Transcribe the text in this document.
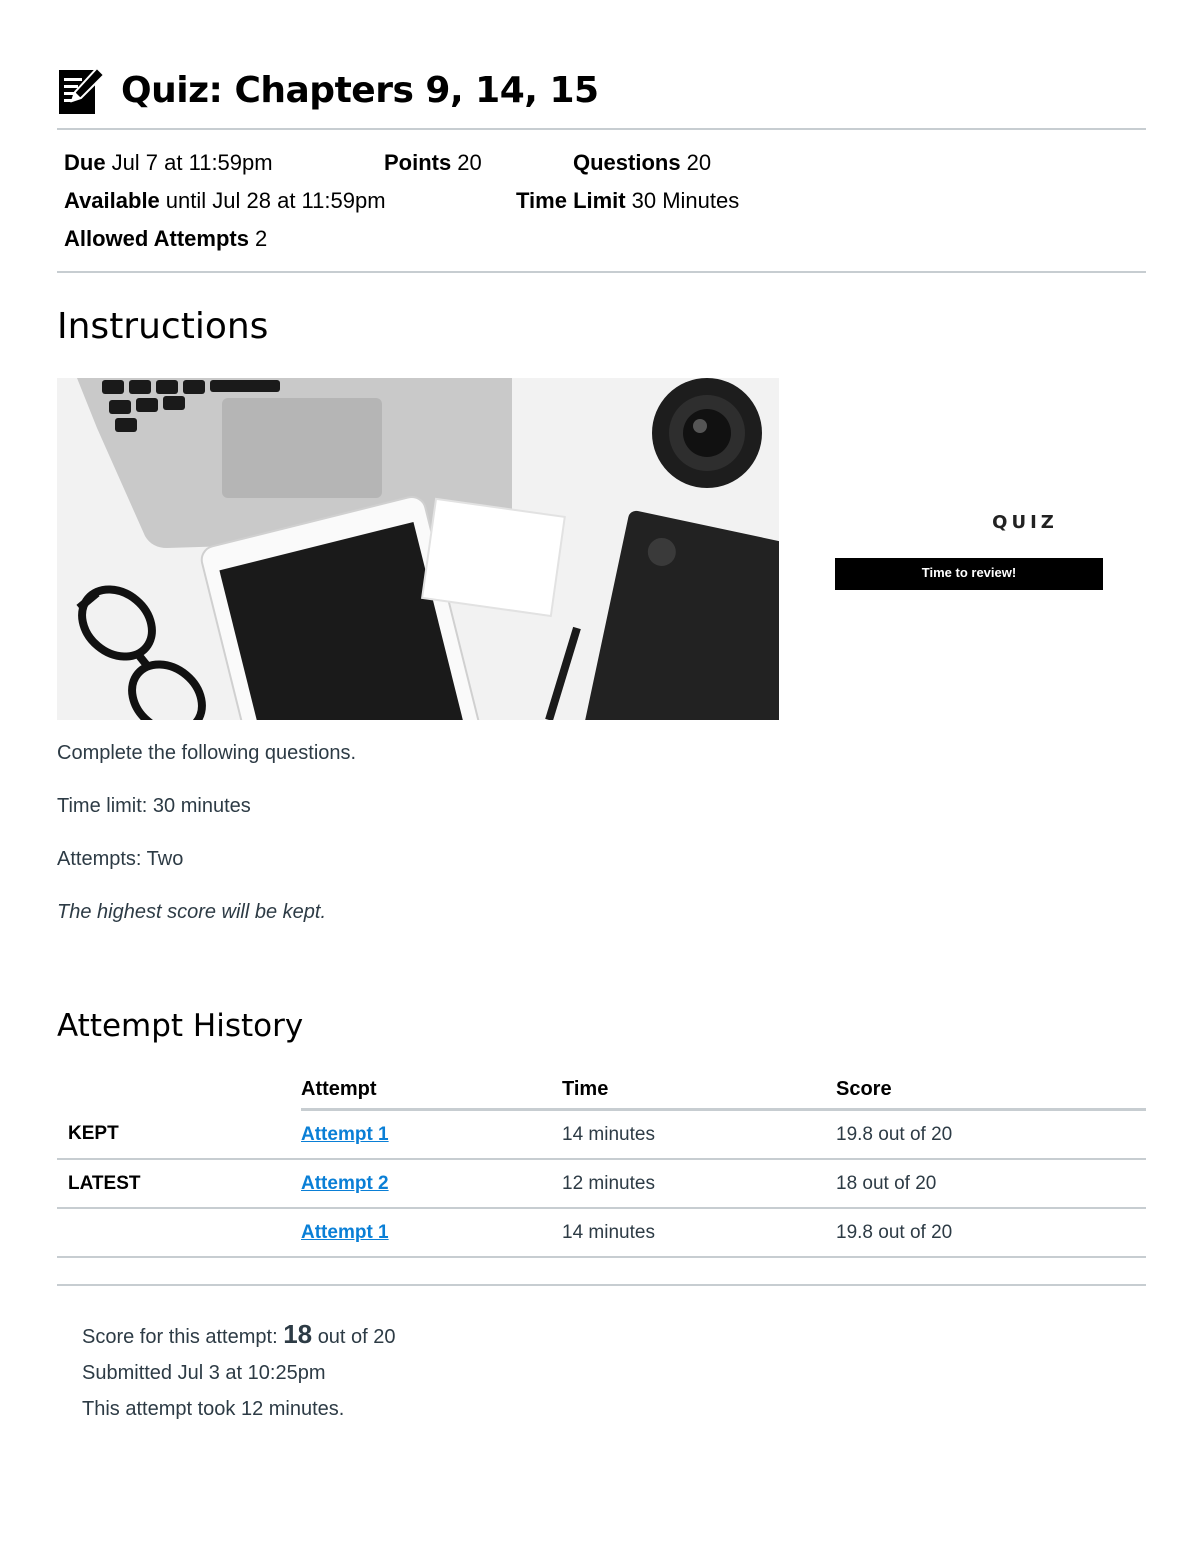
Quiz: Chapters 9, 14, 15
Due Jul 7 at 11:59pm	Points 20	Questions 20
Available until Jul 28 at 11:59pm	Time Limit 30 Minutes
Allowed Attempts 2
Instructions
QUIZ
Time to review!

Complete the following questions.

Time limit: 30 minutes

Attempts: Two

The highest score will be kept.

Attempt History
	Attempt	Time	Score
KEPT	Attempt 1	14 minutes	19.8 out of 20
LATEST	Attempt 2	12 minutes	18 out of 20
	Attempt 1	14 minutes	19.8 out of 20
Score for this attempt: 18 out of 20
Submitted Jul 3 at 10:25pm
This attempt took 12 minutes.
